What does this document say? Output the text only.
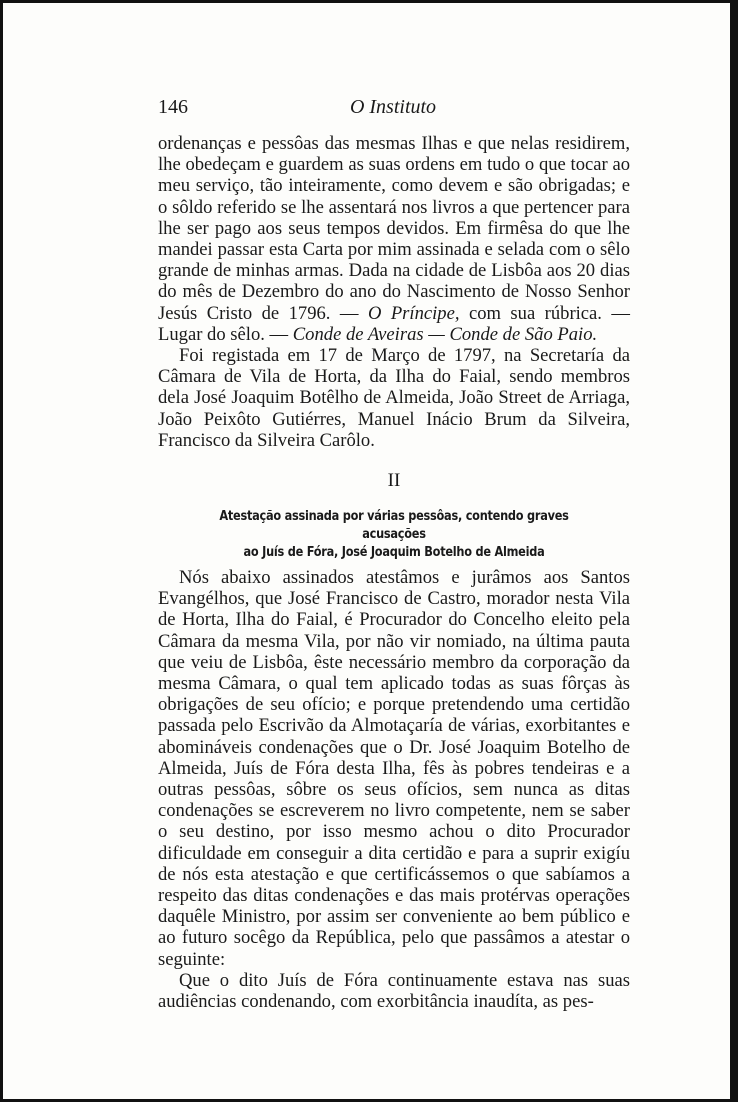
146	O Instituto

ordenanças e pessôas das mesmas Ilhas e que nelas residirem, lhe obedeçam e guardem as suas ordens em tudo o que tocar ao meu serviço, tão inteiramente, como devem e são obrigadas; e o sôldo referido se lhe assentará nos livros a que pertencer para lhe ser pago aos seus tempos devidos. Em firmêsa do que lhe mandei passar esta Carta por mim assinada e selada com o sêlo grande de minhas armas. Dada na cidade de Lisbôa aos 20 dias do mês de Dezembro do ano do Nascimento de Nosso Senhor Jesús Cristo de 1796. — O Príncipe, com sua rúbrica. — Lugar do sêlo. — Conde de Aveiras — Conde de São Paio.

Foi registada em 17 de Março de 1797, na Secretaría da Câmara de Vila de Horta, da Ilha do Faial, sendo membros dela José Joaquim Botêlho de Almeida, João Street de Arriaga, João Peixôto Gutiérres, Manuel Inácio Brum da Silveira, Francisco da Silveira Carôlo.

II
Atestação assinada por várias pessôas, contendo graves acusações
ao Juís de Fóra, José Joaquim Botelho de Almeida

Nós abaixo assinados atestâmos e jurâmos aos Santos Evangélhos, que José Francisco de Castro, morador nesta Vila de Horta, Ilha do Faial, é Procurador do Concelho eleito pela Câmara da mesma Vila, por não vir nomiado, na última pauta que veiu de Lisbôa, êste necessário membro da corporação da mesma Câmara, o qual tem aplicado todas as suas fôrças às obrigações de seu ofício; e porque pretendendo uma certidão passada pelo Escrivão da Almotaçaría de várias, exorbitantes e abomináveis condenações que o Dr. José Joaquim Botelho de Almeida, Juís de Fóra desta Ilha, fês às pobres tendeiras e a outras pessôas, sôbre os seus ofícios, sem nunca as ditas condenações se escreverem no livro competente, nem se saber o seu destino, por isso mesmo achou o dito Procurador dificuldade em conseguir a dita certidão e para a suprir exigíu de nós esta atestação e que certificássemos o que sabíamos a respeito das ditas condenações e das mais protérvas operações daquêle Ministro, por assim ser conveniente ao bem público e ao futuro socêgo da República, pelo que passâmos a atestar o seguinte:

Que o dito Juís de Fóra continuamente estava nas suas audiências condenando, com exorbitância inaudíta, as pes-
